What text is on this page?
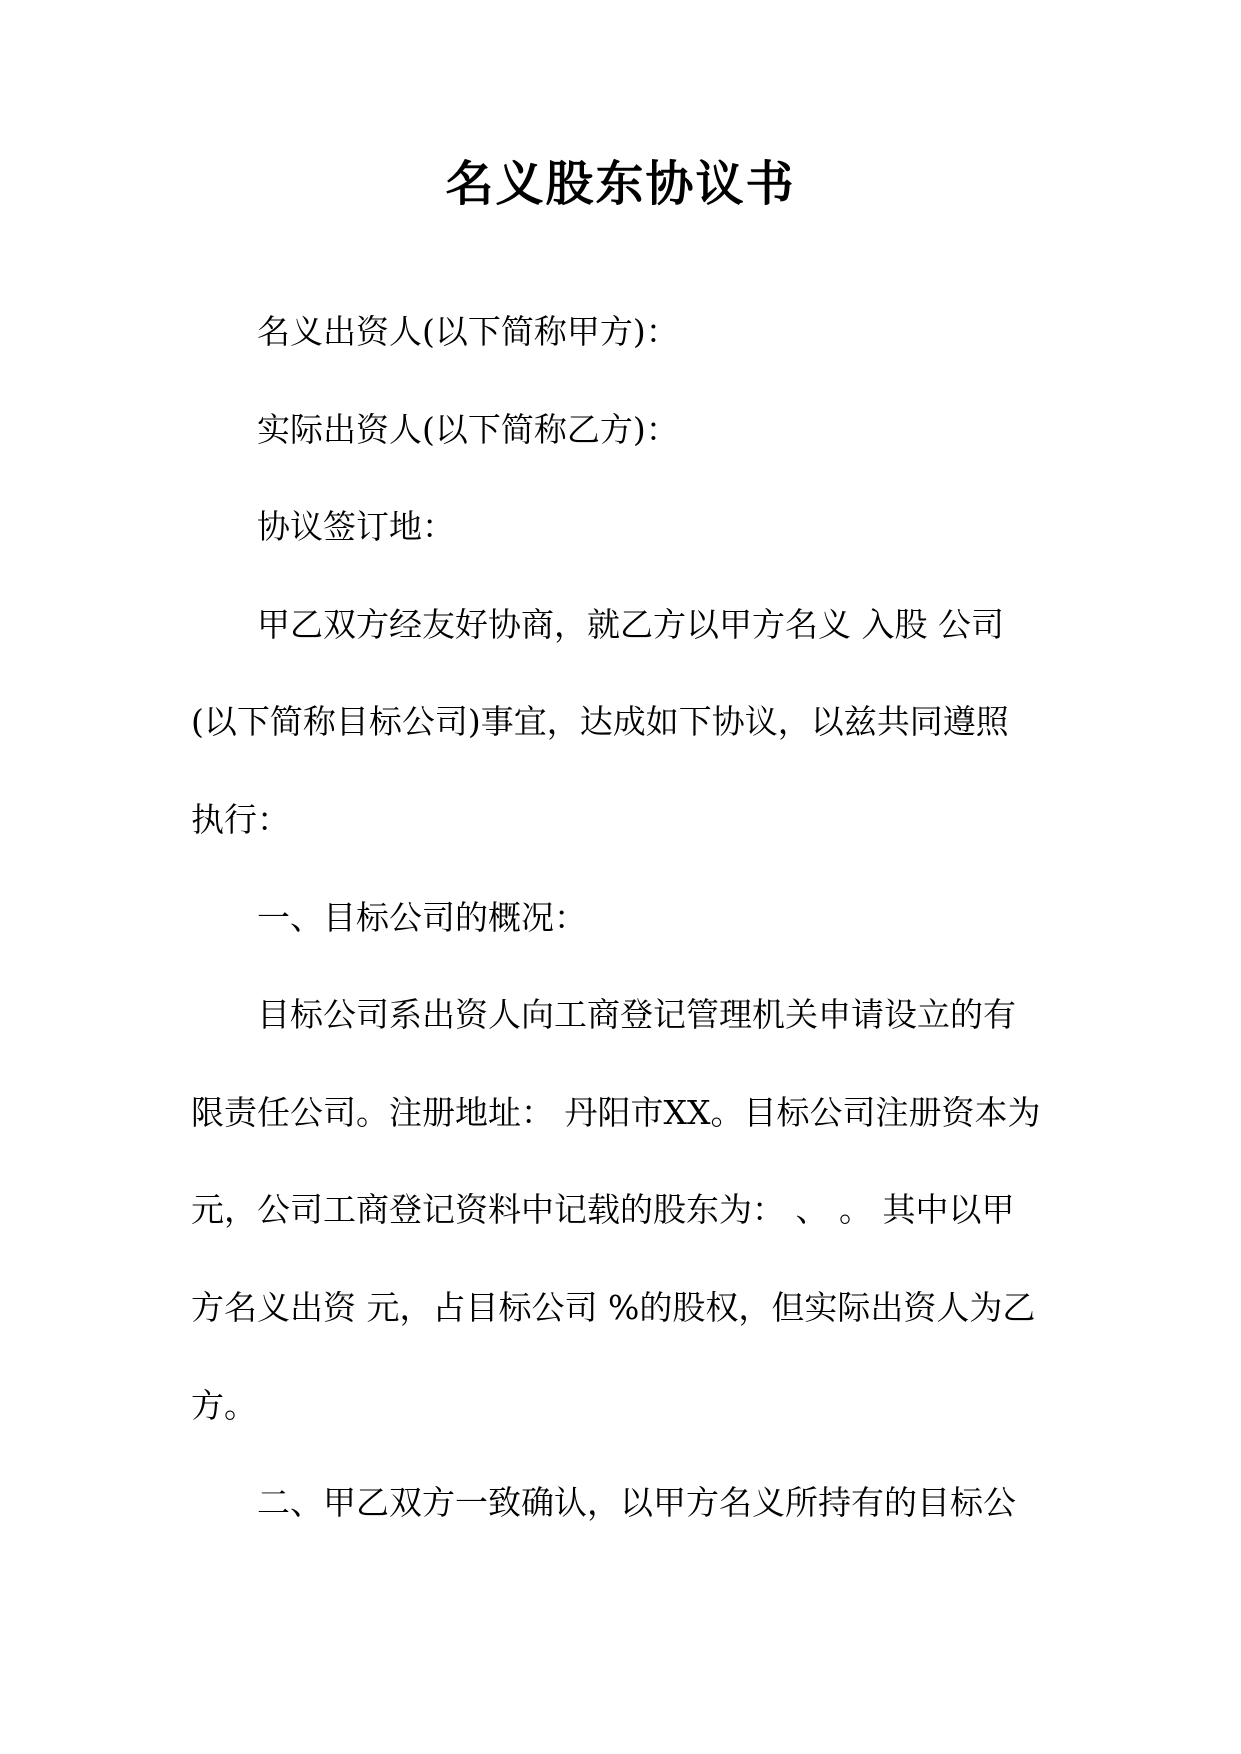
名义股东协议书
名义出资人(以下简称甲方)：
实际出资人(以下简称乙方)：
协议签订地：
甲乙双方经友好协商，就乙方以甲方名义 入股 公司
(以下简称目标公司)事宜，达成如下协议，以兹共同遵照
执行：
一、目标公司的概况：
目标公司系出资人向工商登记管理机关申请设立的有
限责任公司。注册地址： 丹阳市XX。目标公司注册资本为
元，公司工商登记资料中记载的股东为： 、 。 其中以甲
方名义出资 元，占目标公司 %的股权，但实际出资人为乙
方。
二、甲乙双方一致确认，以甲方名义所持有的目标公
